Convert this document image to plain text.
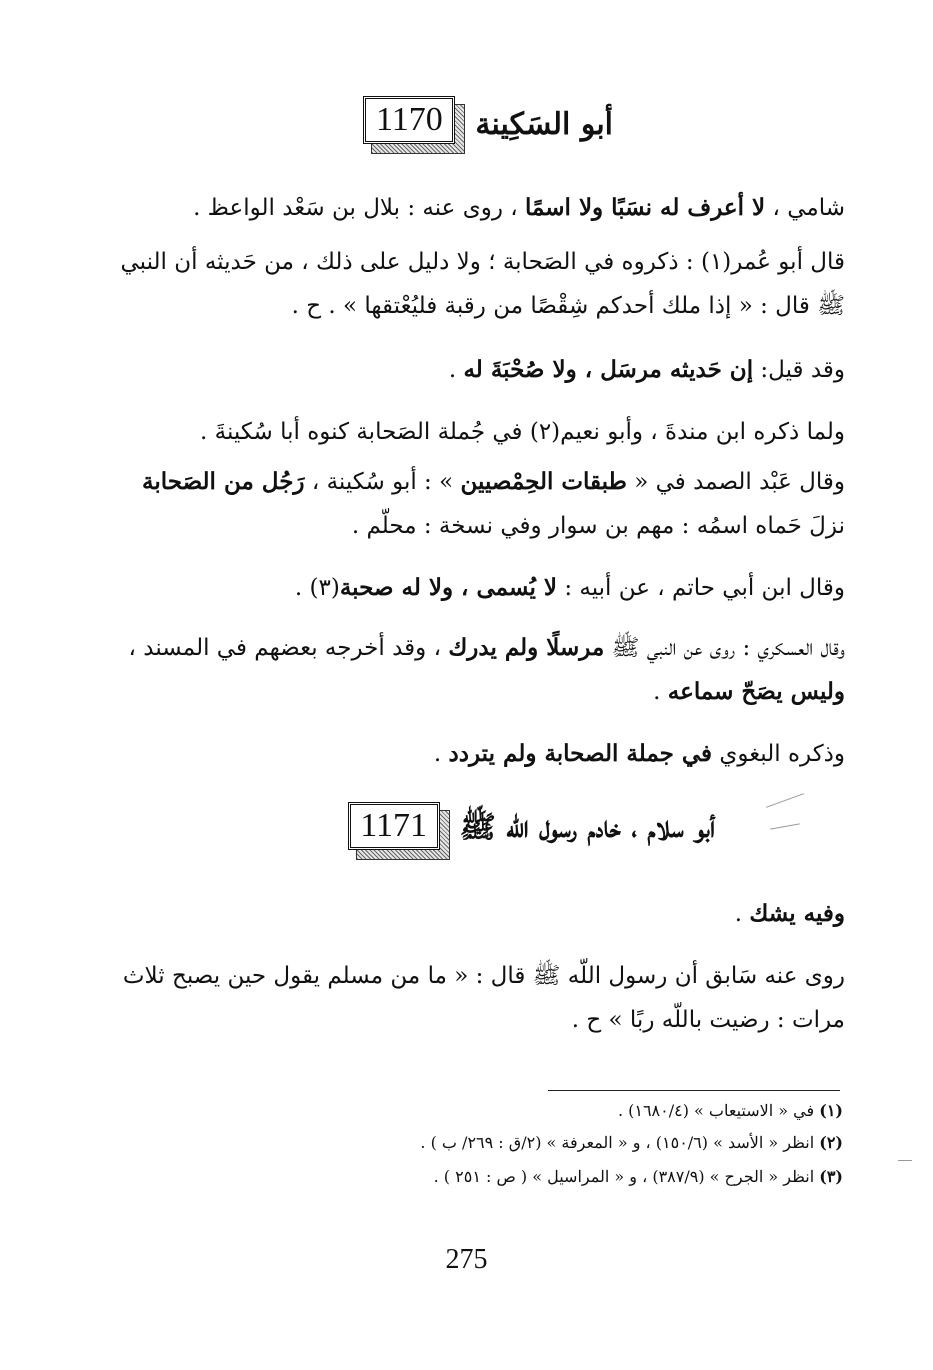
1170	أبو السَكِينة
شامي ، لا أعرف له نسَبًا ولا اسمًا ، روى عنه : بلال بن سَعْد الواعظ .
قال أبو عُمر(١) : ذكروه في الصَحابة ؛ ولا دليل على ذلك ، من حَديثه أن النبي ﷺ قال : « إذا ملك أحدكم شِقْصًا من رقبة فليُعْتقها » . ح .
وقد قيل: إن حَديثه مرسَل ، ولا صُحْبَةَ له .
ولما ذكره ابن مندةَ ، وأبو نعيم(٢) في جُملة الصَحابة كنوه أبا سُكينةَ .
وقال عَبْد الصمد في « طبقات الحِمْصيين » : أبو سُكينة ، رَجُل من الصَحابة نزلَ حَماه اسمُه : مهم بن سوار وفي نسخة : محلّم .
وقال ابن أبي حاتم ، عن أبيه : لا يُسمى ، ولا له صحبة(٣) .
وقال العسكري : روى عن النبي ﷺ مرسلًا ولم يدرك ، وقد أخرجه بعضهم في المسند ، وليس يصَحّ سماعه .
وذكره البغوي في جملة الصحابة ولم يتردد .
1171	أبو سلام ، خادم رسول الله ﷺ
وفيه يشك .
روى عنه سَابق أن رسول اللّه ﷺ قال : « ما من مسلم يقول حين يصبح ثلاث مرات : رضيت باللّه ربًا » ح .
(١) في « الاستيعاب » (١٦٨٠/٤) .
(٢) انظر « الأسد » (١٥٠/٦) ، و « المعرفة » (٢/ق : ٢٦٩/ ب ) .
(٣) انظر « الجرح » (٣٨٧/٩) ، و « المراسيل » ( ص : ٢٥١ ) .
275
